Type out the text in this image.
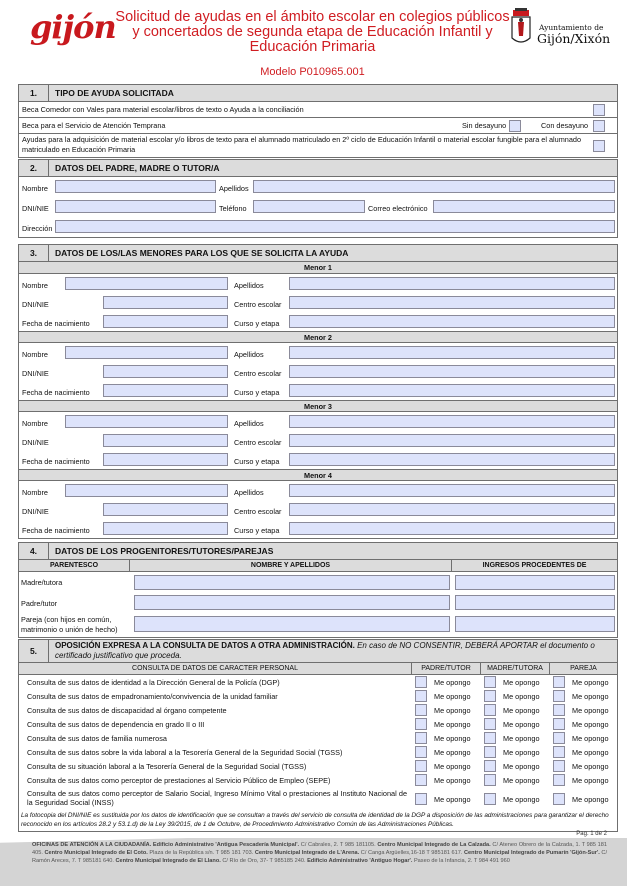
gijón Solicitud de ayudas en el ámbito escolar en colegios públicos y concertados de segunda etapa de Educación Infantil y Educación Primaria
Modelo P010965.001
Ayuntamiento de
Gijón/Xixón
1.	TIPO DE AYUDA SOLICITADA
Beca Comedor con Vales para material escolar/libros de texto o Ayuda a la conciliación
Beca para el Servicio de Atención Temprana	Sin desayuno	Con desayuno
Ayudas para la adquisición de material escolar y/o libros de texto para el alumnado matriculado en 2º ciclo de Educación Infantil o material escolar fungible para el alumnado matriculado en Educación Primaria
2.	DATOS DEL PADRE, MADRE O TUTOR/A
Nombre	Apellidos
DNI/NIE	Teléfono	Correo electrónico
Dirección
3.	DATOS DE LOS/LAS MENORES PARA LOS QUE SE SOLICITA LA AYUDA
Menor 1
Nombre	Apellidos
DNI/NIE	Centro escolar
Fecha de nacimiento	Curso y etapa
Menor 2
Nombre	Apellidos
DNI/NIE	Centro escolar
Fecha de nacimiento	Curso y etapa
Menor 3
Nombre	Apellidos
DNI/NIE	Centro escolar
Fecha de nacimiento	Curso y etapa
Menor 4
Nombre	Apellidos
DNI/NIE	Centro escolar
Fecha de nacimiento	Curso y etapa
4.	DATOS DE LOS PROGENITORES/TUTORES/PAREJAS
PARENTESCO	NOMBRE Y APELLIDOS	INGRESOS PROCEDENTES DE
Madre/tutora
Padre/tutor
Pareja (con hijos en común, matrimonio o unión de hecho)
5.
OPOSICIÓN EXPRESA A LA CONSULTA DE DATOS A OTRA ADMINISTRACIÓN. En caso de NO CONSENTIR, DEBERÁ APORTAR el documento o certificado justificativo que proceda.
CONSULTA DE DATOS DE CARACTER PERSONAL	PADRE/TUTOR	MADRE/TUTORA	PAREJA
Consulta de sus datos de identidad a la Dirección General de la Policía (DGP)	Me opongo	Me opongo	Me opongo
Consulta de sus datos de empadronamiento/convivencia de la unidad familiar	Me opongo	Me opongo	Me opongo
Consulta de sus datos de discapacidad al órgano competente	Me opongo	Me opongo	Me opongo
Consulta de sus datos de dependencia en grado II o III	Me opongo	Me opongo	Me opongo
Consulta de sus datos de familia numerosa	Me opongo	Me opongo	Me opongo
Consulta de sus datos sobre la vida laboral a la Tesorería General de la Seguridad Social (TGSS)	Me opongo	Me opongo	Me opongo
Consulta de su situación laboral a la Tesorería General de la Seguridad Social (TGSS)	Me opongo	Me opongo	Me opongo
Consulta de sus datos como perceptor de prestaciones al Servicio Público de Empleo (SEPE)	Me opongo	Me opongo	Me opongo
Consulta de sus datos como perceptor de Salario Social, Ingreso Mínimo Vital o prestaciones al Instituto Nacional de la Seguridad Social (INSS)	Me opongo	Me opongo	Me opongo
La fotocopia del DNI/NIE es sustituida por los datos de identificación que se consultan a través del servicio de consulta de identidad de la DGP a disposición de las administraciones para garantizar el derecho reconocido en los artículos 28.2 y 53.1.d) de la Ley 39/2015, de 1 de Octubre, de Procedimiento Administrativo Común de las Administraciones Públicas.
Pag. 1 de 2
OFICINAS DE ATENCIÓN A LA CIUDADANÍA. Edificio Administrativo 'Antigua Pescadería Municipal'. C/ Cabrales, 2. T 985 181105. Centro Municipal Integrado de La Calzada. C/ Ateneo Obrero de la Calzada, 1. T 985 181 405. Centro Municipal Integrado de El Coto. Plaza de la República s/n. T 985 181 703. Centro Municipal Integrado de L'Arena. C/ Canga Argüelles,16-18 T 985181 617. Centro Municipal Integrado de Pumarín 'Gijón-Sur'. C/ Ramón Areces, 7. T 985181 640. Centro Municipal Integrado de El Llano. C/ Río de Oro, 37- T 985185 240. Edificio Administrativo 'Antiguo Hogar'. Paseo de la Infancia, 2. T 984 491 960
